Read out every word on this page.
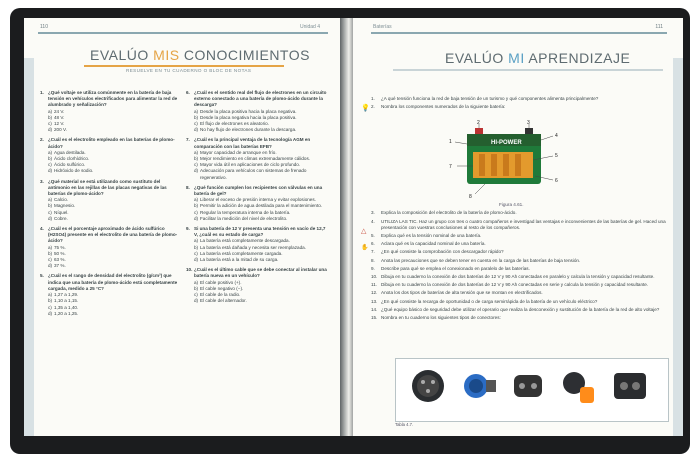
110	Unidad 4
EVALÚO MIS CONOCIMIENTOS
RESUELVE EN TU CUADERNO O BLOC DE NOTAS
1. ¿Qué voltaje se utiliza comúnmente en la batería de baja tensión en vehículos electrificados para alimentar la red de alumbrado y señalización?
a) 24 V.
b) 48 V.
c) 12 V.
d) 200 V.
2. ¿Cuál es el electrolito empleado en las baterías de plomo-ácido?
a) Agua destilada.
b) Ácido clorhídrico.
c) Ácido sulfúrico.
d) Hidróxido de sodio.
3. ¿Qué material se está utilizando como sustituto del antimonio en las rejillas de las placas negativas de las baterías de plomo-ácido?
a) Calcio.
b) Magnesio.
c) Níquel.
d) Cobre.
4. ¿Cuál es el porcentaje aproximado de ácido sulfúrico (H2SO4) presente en el electrolito de una batería de plomo-ácido?
a) 75 %.
b) 50 %.
c) 63 %.
d) 37 %.
5. ¿Cuál es el rango de densidad del electrolito (g/cm³) que indica que una batería de plomo-ácido está completamente cargada, medido a 25 °C?
a) 1,27 a 1,29.
b) 1,10 a 1,15.
c) 1,35 a 1,40.
d) 1,20 a 1,25.
6. ¿Cuál es el sentido real del flujo de electrones en un circuito externo conectado a una batería de plomo-ácido durante la descarga?
a) Desde la placa positiva hacia la placa negativa.
b) Desde la placa negativa hacia la placa positiva.
c) El flujo de electrones es aleatorio.
d) No hay flujo de electrones durante la descarga.
7. ¿Cuál es la principal ventaja de la tecnología AGM en comparación con las baterías EFB?
a) Mayor capacidad de arranque en frío.
b) Mejor rendimiento en climas extremadamente cálidos.
c) Mayor vida útil en aplicaciones de ciclo profundo.
d) Adecuación para vehículos con sistemas de frenado regenerativo.
8. ¿Qué función cumplen los recipientes con válvulas en una batería de gel?
a) Liberar el exceso de presión interna y evitar explosiones.
b) Permitir la adición de agua destilada para el mantenimiento.
c) Regular la temperatura interna de la batería.
d) Facilitar la medición del nivel de electrolito.
9. Si una batería de 12 V presenta una tensión en vacío de 12,7 V, ¿cuál es su estado de carga?
a) La batería está completamente descargada.
b) La batería está dañada y necesita ser reemplazada.
c) La batería está completamente cargada.
d) La batería está a la mitad de su carga.
10. ¿Cuál es el último cable que se debe conectar al instalar una batería nueva en un vehículo?
a) El cable positivo (+).
b) El cable negativo (−).
c) El cable de la radio.
d) El cable del alternador.
Baterías	111
EVALÚO MI APRENDIZAJE
💡
△
✋
1.	¿A qué tensión funciona la red de baja tensión de un turismo y qué componentes alimenta principalmente?
2.	Nombra los componentes numerados de la siguiente batería:
3.	Explica la composición del electrolito de la batería de plomo-ácido.
4.	UTILIZA LAS TIC. Haz un grupo con tres o cuatro compañeros e investigad las ventajas e inconvenientes de las baterías de gel. Haced una presentación con vuestras conclusiones al resto de los compañeros.
5.	Explica qué es la tensión nominal de una batería.
6.	Aclara qué es la capacidad nominal de una batería.
7.	¿En qué consiste la comprobación con descargador rápido?
8.	Anota las precauciones que se deben tener en cuenta en la carga de las baterías de baja tensión.
9.	Describe para qué se emplea el conexionado en paralelo de las baterías.
10. Dibuja en tu cuaderno la conexión de dos baterías de 12 V y 90 Ah conectadas en paralelo y calcula la tensión y capacidad resultante.
11. Dibuja en tu cuaderno la conexión de dos baterías de 12 V y 90 Ah conectadas en serie y calcula la tensión y capacidad resultante.
12. Anota los dos tipos de baterías de alta tensión que se montan en electrificados.
13. ¿En qué consiste la recarga de oportunidad o de carga semirrápida de la batería de un vehículo eléctrico?
14. ¿Qué equipo básico de seguridad debe utilizar el operario que realiza la desconexión y sustitución de la batería de la red de alto voltaje?
15. Nombra en tu cuaderno los siguientes tipos de conectores:
HI-POWER
1
2	3
4
5
6
7
8
Figura 4.61.
Tabla 4.7.
